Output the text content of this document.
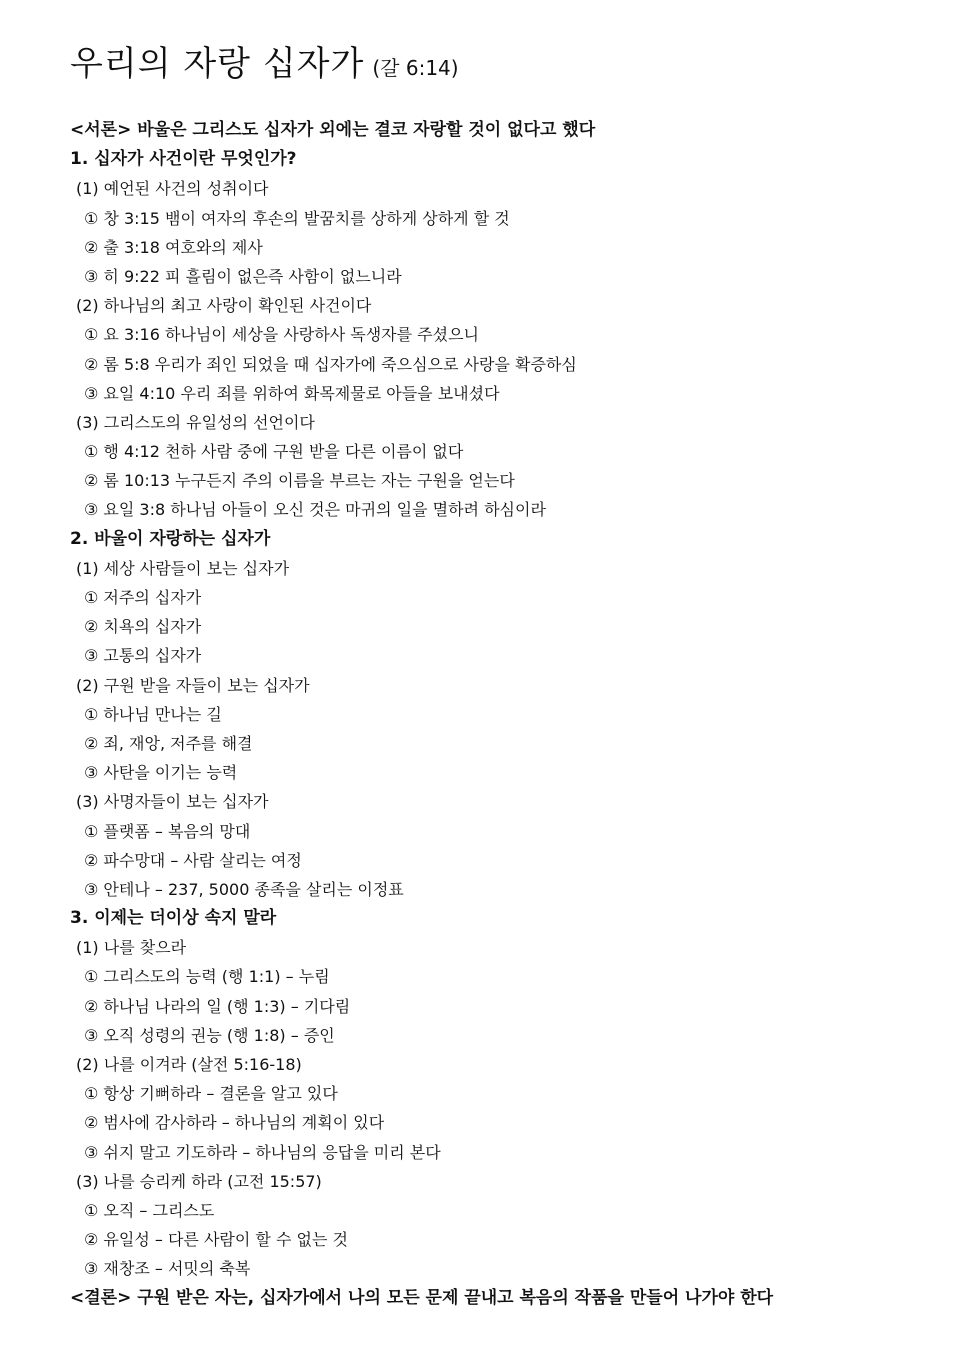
우리의 자랑 십자가 (갈 6:14)
<서론> 바울은 그리스도 십자가 외에는 결코 자랑할 것이 없다고 했다
1. 십자가 사건이란 무엇인가?
(1) 예언된 사건의 성취이다
① 창 3:15 뱀이 여자의 후손의 발꿈치를 상하게 상하게 할 것
② 출 3:18 여호와의 제사
③ 히 9:22 피 흘림이 없은즉 사함이 없느니라
(2) 하나님의 최고 사랑이 확인된 사건이다
① 요 3:16 하나님이 세상을 사랑하사 독생자를 주셨으니
② 롬 5:8 우리가 죄인 되었을 때 십자가에 죽으심으로 사랑을 확증하심
③ 요일 4:10 우리 죄를 위하여 화목제물로 아들을 보내셨다
(3) 그리스도의 유일성의 선언이다
① 행 4:12 천하 사람 중에 구원 받을 다른 이름이 없다
② 롬 10:13 누구든지 주의 이름을 부르는 자는 구원을 얻는다
③ 요일 3:8 하나님 아들이 오신 것은 마귀의 일을 멸하려 하심이라
2. 바울이 자랑하는 십자가
(1) 세상 사람들이 보는 십자가
① 저주의 십자가
② 치욕의 십자가
③ 고통의 십자가
(2) 구원 받을 자들이 보는 십자가
① 하나님 만나는 길
② 죄, 재앙, 저주를 해결
③ 사탄을 이기는 능력
(3) 사명자들이 보는 십자가
① 플랫폼 – 복음의 망대
② 파수망대 – 사람 살리는 여정
③ 안테나 – 237, 5000 종족을 살리는 이정표
3. 이제는 더이상 속지 말라
(1) 나를 찾으라
① 그리스도의 능력 (행 1:1) – 누림
② 하나님 나라의 일 (행 1:3) – 기다림
③ 오직 성령의 권능 (행 1:8) – 증인
(2) 나를 이겨라 (살전 5:16-18)
① 항상 기뻐하라 – 결론을 알고 있다
② 범사에 감사하라 – 하나님의 계획이 있다
③ 쉬지 말고 기도하라 – 하나님의 응답을 미리 본다
(3) 나를 승리케 하라 (고전 15:57)
① 오직 – 그리스도
② 유일성 – 다른 사람이 할 수 없는 것
③ 재창조 – 서밋의 축복
<결론> 구원 받은 자는, 십자가에서 나의 모든 문제 끝내고 복음의 작품을 만들어 나가야 한다
